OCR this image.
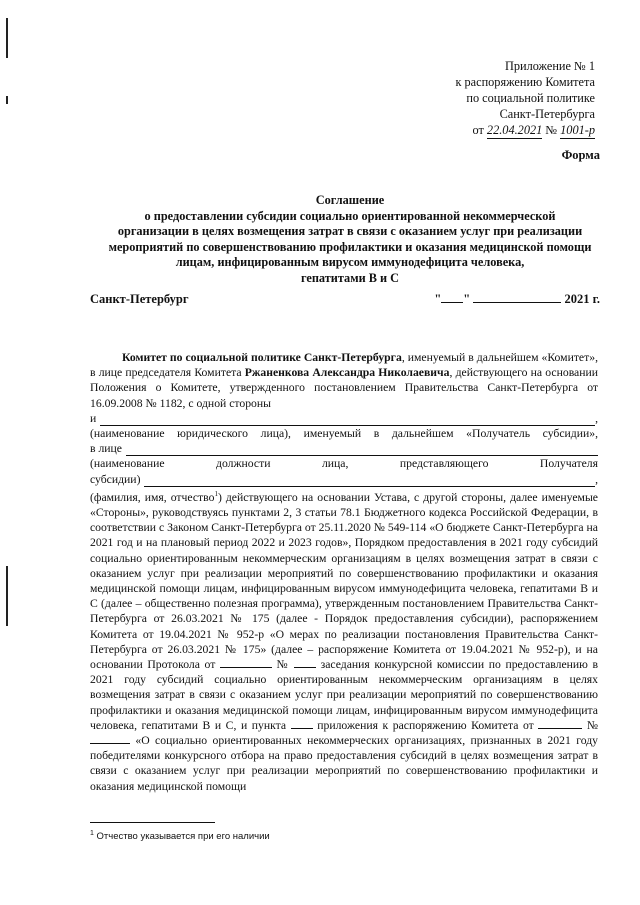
Приложение № 1
к распоряжению Комитета
по социальной политике
Санкт-Петербурга
от 22.04.2021 № 1001-р
Форма
Соглашение
о предоставлении субсидии социально ориентированной некоммерческой
организации в целях возмещения затрат в связи с оказанием услуг при реализации
мероприятий по совершенствованию профилактики и оказания медицинской помощи
лицам, инфицированным вирусом иммунодефицита человека,
гепатитами В и С
Санкт-Петербург	" "	2021 г.

Комитет по социальной политике Санкт-Петербурга, именуемый в дальнейшем «Комитет», в лице председателя Комитета Ржаненкова Александра Николаевича, действующего на основании Положения о Комитете, утвержденного постановлением Правительства Санкт-Петербурга от 16.09.2008 № 1182, с одной стороны

и	,

(наименование юридического лица), именуемый в дальнейшем «Получатель субсидии»,

в лице

(наименование должности лица, представляющего Получателя

субсидии)	,

(фамилия, имя, отчество$^1$) действующего на основании Устава, с другой стороны, далее именуемые «Стороны», руководствуясь пунктами 2, 3 статьи 78.1 Бюджетного кодекса Российской Федерации, в соответствии с Законом Санкт-Петербурга от 25.11.2020 № 549-114 «О бюджете Санкт-Петербурга на 2021 год и на плановый период 2022 и 2023 годов», Порядком предоставления в 2021 году субсидий социально ориентированным некоммерческим организациям в целях возмещения затрат в связи с оказанием услуг при реализации мероприятий по совершенствованию профилактики и оказания медицинской помощи лицам, инфицированным вирусом иммунодефицита человека, гепатитами В и С (далее – общественно полезная программа), утвержденным постановлением Правительства Санкт-Петербурга от 26.03.2021 № 175 (далее - Порядок предоставления субсидии), распоряжением Комитета от 19.04.2021 № 952-р «О мерах по реализации постановления Правительства Санкт-Петербурга от 26.03.2021 № 175» (далее – распоряжение Комитета от 19.04.2021 № 952-р), и на основании Протокола от	№	заседания конкурсной комиссии по предоставлению в 2021 году субсидий социально ориентированным некоммерческим организациям в целях возмещения затрат в связи с оказанием услуг при реализации мероприятий по совершенствованию профилактики и оказания медицинской помощи лицам, инфицированным вирусом иммунодефицита человека, гепатитами В и С, и пункта	приложения к распоряжению Комитета от	№  «О социально ориентированных некоммерческих организациях, признанных в 2021 году победителями конкурсного отбора на право предоставления субсидий в целях возмещения затрат в связи с оказанием услуг при реализации мероприятий по совершенствованию профилактики и оказания медицинской помощи

$^1$ Отчество указывается при его наличии
